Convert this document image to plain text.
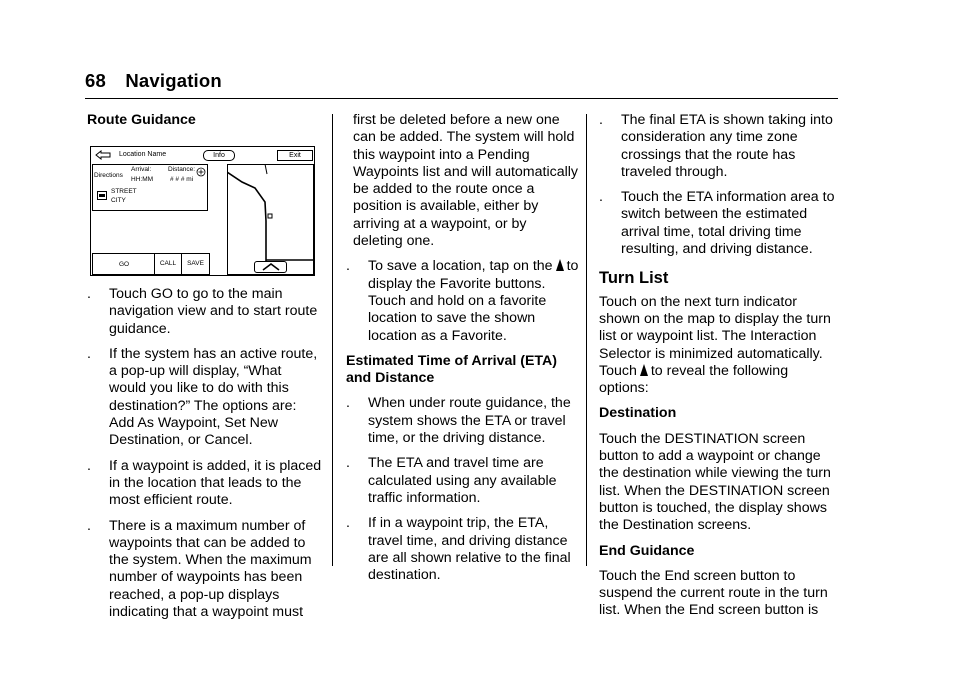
68 Navigation

Route Guidance

Location Name	Info	Exit
Directions
Arrival:
HH:MM
Distance:
# # # mi
STREET
CITY
GO	CALL	SAVE
. Touch GO to go to the main navigation view and to start route guidance.
. If the system has an active route, a pop-up will display, “What would you like to do with this destination?” The options are: Add As Waypoint, Set New Destination, or Cancel.
. If a waypoint is added, it is placed in the location that leads to the most efficient route.
. There is a maximum number of waypoints that can be added to the system. When the maximum number of waypoints has been reached, a pop-up displays indicating that a waypoint must

first be deleted before a new one can be added. The system will hold this waypoint into a Pending Waypoints list and will automatically be added to the route once a position is available, either by arriving at a waypoint, or by deleting one.

. To save a location, tap on the to display the Favorite buttons. Touch and hold on a favorite location to save the shown location as a Favorite.

Estimated Time of Arrival (ETA) and Distance

. When under route guidance, the system shows the ETA or travel time, or the driving distance.
. The ETA and travel time are calculated using any available traffic information.
. If in a waypoint trip, the ETA, travel time, and driving distance are all shown relative to the final destination.
. The final ETA is shown taking into consideration any time zone crossings that the route has traveled through.
. Touch the ETA information area to switch between the estimated arrival time, total driving time resulting, and driving distance.

Turn List

Touch on the next turn indicator shown on the map to display the turn list or waypoint list. The Interaction Selector is minimized automatically. Touch to reveal the following options:

Destination

Touch the DESTINATION screen button to add a waypoint or change the destination while viewing the turn list. When the DESTINATION screen button is touched, the display shows the Destination screens.

End Guidance

Touch the End screen button to suspend the current route in the turn list. When the End screen button is
